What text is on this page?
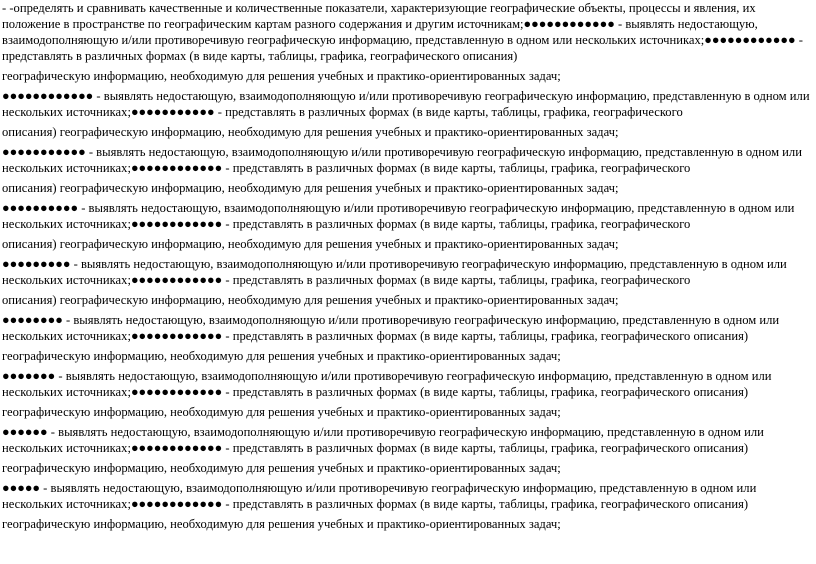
- -определять и сравнивать качественные и количественные показатели, характеризующие географические объекты, процессы и явления, их положение в пространстве по географическим картам разного содержания и другим источникам;●●●●●●●●●●●● - выявлять недостающую, взаимодополняющую и/или противоречивую географическую информацию, представленную в одном или нескольких источниках;●●●●●●●●●●●● - представлять в различных формах (в виде карты, таблицы, графика, географического описания)
географическую информацию, необходимую для решения учебных и практико-ориентированных задач;

●●●●●●●●●●●● - выявлять недостающую, взаимодополняющую и/или противоречивую географическую информацию, представленную в одном или нескольких источниках;●●●●●●●●●●● - представлять в различных формах (в виде карты, таблицы, графика, географического
описания) географическую информацию, необходимую для решения учебных и практико-ориентированных задач;

●●●●●●●●●●● - выявлять недостающую, взаимодополняющую и/или противоречивую географическую информацию, представленную в одном или нескольких источниках;●●●●●●●●●●●● - представлять в различных формах (в виде карты, таблицы, графика, географического
описания) географическую информацию, необходимую для решения учебных и практико-ориентированных задач;

●●●●●●●●●● - выявлять недостающую, взаимодополняющую и/или противоречивую географическую информацию, представленную в одном или нескольких источниках;●●●●●●●●●●●● - представлять в различных формах (в виде карты, таблицы, графика, географического
описания) географическую информацию, необходимую для решения учебных и практико-ориентированных задач;

●●●●●●●●● - выявлять недостающую, взаимодополняющую и/или противоречивую географическую информацию, представленную в одном или нескольких источниках;●●●●●●●●●●●● - представлять в различных формах (в виде карты, таблицы, графика, географического
описания) географическую информацию, необходимую для решения учебных и практико-ориентированных задач;

●●●●●●●● - выявлять недостающую, взаимодополняющую и/или противоречивую географическую информацию, представленную в одном или нескольких источниках;●●●●●●●●●●●● - представлять в различных формах (в виде карты, таблицы, графика, географического описания)
географическую информацию, необходимую для решения учебных и практико-ориентированных задач;

●●●●●●● - выявлять недостающую, взаимодополняющую и/или противоречивую географическую информацию, представленную в одном или нескольких источниках;●●●●●●●●●●●● - представлять в различных формах (в виде карты, таблицы, графика, географического описания)
географическую информацию, необходимую для решения учебных и практико-ориентированных задач;

●●●●●● - выявлять недостающую, взаимодополняющую и/или противоречивую географическую информацию, представленную в одном или нескольких источниках;●●●●●●●●●●●● - представлять в различных формах (в виде карты, таблицы, графика, географического описания)
географическую информацию, необходимую для решения учебных и практико-ориентированных задач;

●●●●● - выявлять недостающую, взаимодополняющую и/или противоречивую географическую информацию, представленную в одном или нескольких источниках;●●●●●●●●●●●● - представлять в различных формах (в виде карты, таблицы, графика, географического описания)
географическую информацию, необходимую для решения учебных и практико-ориентированных задач;
